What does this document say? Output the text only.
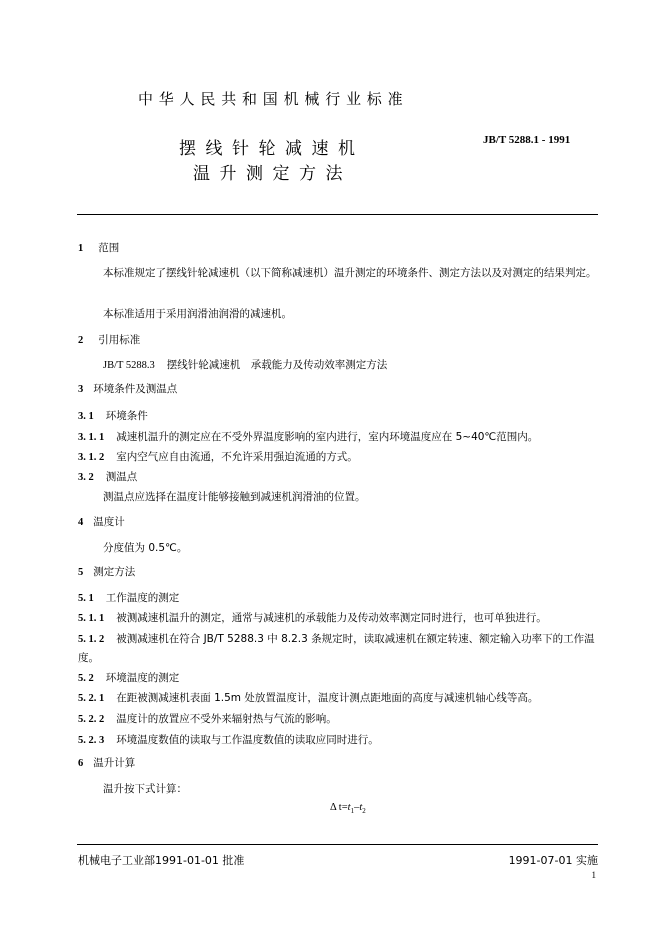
中华人民共和国机械行业标准
摆线针轮减速机
温升测定方法
JB/T 5288.1 - 1991
1 范围
本标准规定了摆线针轮减速机（以下简称减速机）温升测定的环境条件、测定方法以及对测定的结果判定。
本标准适用于采用润滑油润滑的减速机。
2 引用标准
JB/T 5288.3 摆线针轮减速机　承载能力及传动效率测定方法
3 环境条件及测温点
3. 1 环境条件
3. 1. 1 减速机温升的测定应在不受外界温度影响的室内进行，室内环境温度应在 5~40℃范围内。
3. 1. 2 室内空气应自由流通，不允许采用强迫流通的方式。
3. 2 测温点
测温点应选择在温度计能够接触到减速机润滑油的位置。
4 温度计
分度值为 0.5℃。
5 测定方法
5. 1 工作温度的测定
5. 1. 1 被测减速机温升的测定，通常与减速机的承载能力及传动效率测定同时进行，也可单独进行。
5. 1. 2 被测减速机在符合 JB/T 5288.3 中 8.2.3 条规定时，读取减速机在额定转速、额定输入功率下的工作温度。
5. 2 环境温度的测定
5. 2. 1 在距被测减速机表面 1.5m 处放置温度计，温度计测点距地面的高度与减速机轴心线等高。
5. 2. 2 温度计的放置应不受外来辐射热与气流的影响。
5. 2. 3 环境温度数值的读取与工作温度数值的读取应同时进行。
6 温升计算
温升按下式计算：
Δ $t=t_1-t_2$
机械电子工业部1991-01-01 批准	1991-07-01 实施
1
